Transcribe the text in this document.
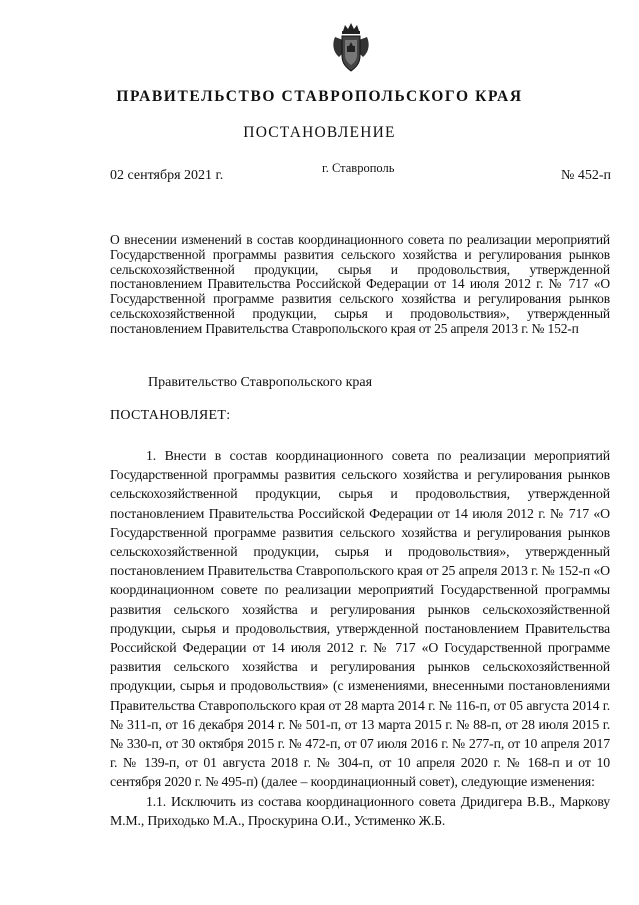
ПРАВИТЕЛЬСТВО СТАВРОПОЛЬСКОГО КРАЯ
ПОСТАНОВЛЕНИЕ
02 сентября 2021 г.	г. Ставрополь	№ 452-п
О внесении изменений в состав координационного совета по реализации мероприятий Государственной программы развития сельского хозяйства и регулирования рынков сельскохозяйственной продукции, сырья и продовольствия, утвержденной постановлением Правительства Российской Федерации от 14 июля 2012 г. № 717 «О Государственной программе развития сельского хозяйства и регулирования рынков сельскохозяйственной продукции, сырья и продовольствия», утвержденный постановлением Правительства Ставропольского края от 25 апреля 2013 г. № 152-п
Правительство Ставропольского края
ПОСТАНОВЛЯЕТ:

1. Внести в состав координационного совета по реализации мероприятий Государственной программы развития сельского хозяйства и регулирования рынков сельскохозяйственной продукции, сырья и продовольствия, утвержденной постановлением Правительства Российской Федерации от 14 июля 2012 г. № 717 «О Государственной программе развития сельского хозяйства и регулирования рынков сельскохозяйственной продукции, сырья и продовольствия», утвержденный постановлением Правительства Ставропольского края от 25 апреля 2013 г. № 152-п «О координационном совете по реализации мероприятий Государственной программы развития сельского хозяйства и регулирования рынков сельскохозяйственной продукции, сырья и продовольствия, утвержденной постановлением Правительства Российской Федерации от 14 июля 2012 г. № 717 «О Государственной программе развития сельского хозяйства и регулирования рынков сельскохозяйственной продукции, сырья и продовольствия» (с изменениями, внесенными постановлениями Правительства Ставропольского края от 28 марта 2014 г. № 116-п, от 05 августа 2014 г. № 311-п, от 16 декабря 2014 г. № 501-п, от 13 марта 2015 г. № 88-п, от 28 июля 2015 г. № 330-п, от 30 октября 2015 г. № 472-п, от 07 июля 2016 г. № 277-п, от 10 апреля 2017 г. № 139-п, от 01 августа 2018 г. № 304-п, от 10 апреля 2020 г. № 168-п и от 10 сентября 2020 г. № 495-п) (далее – координационный совет), следующие изменения:

1.1. Исключить из состава координационного совета Дридигера В.В., Маркову М.М., Приходько М.А., Проскурина О.И., Устименко Ж.Б.
